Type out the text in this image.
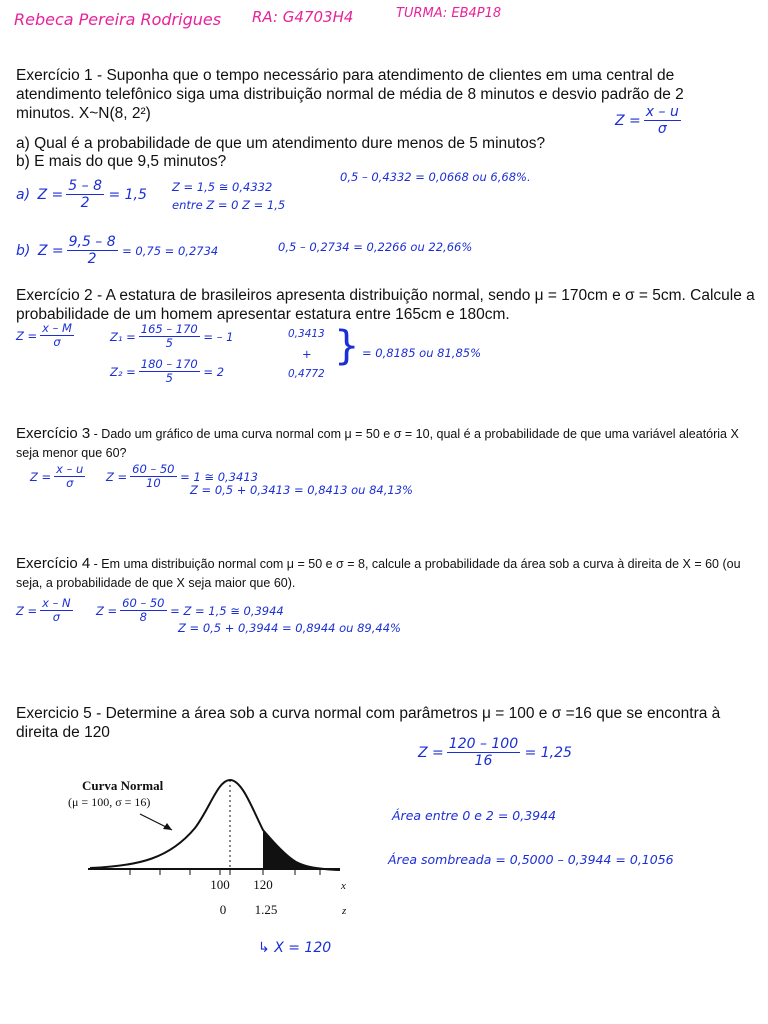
Rebeca Pereira Rodrigues RA: G4703H4	TURMA: EB4P18
Exercício 1 - Suponha que o tempo necessário para atendimento de clientes em uma central de atendimento telefônico siga uma distribuição normal de média de 8 minutos e desvio padrão de 2 minutos. X~N(8, 2²)	$Z = \frac{x - u}{\sigma}$
a) Qual é a probabilidade de que um atendimento dure menos de 5 minutos?
b) E mais do que 9,5 minutos?
a) $Z = \frac{5 - 8}{2} = 1,5$ Z = 1,5 ≅ 0,4332
entre Z = 0 Z = 1,5
0,5 – 0,4332 = 0,0668 ou 6,68%.
b) $Z = \frac{9,5 - 8}{2} = 0,75 = 0,2734$	0,5 – 0,2734 = 0,2266 ou 22,66%
Exercício 2 - A estatura de brasileiros apresenta distribuição normal, sendo μ = 170cm e σ = 5cm. Calcule a probabilidade de um homem apresentar estatura entre 165cm e 180cm.
$Z = \frac{x - M}{\sigma}$	$Z_1 = \frac{165 - 170}{5}$ = – 1
$Z_2 = \frac{180 - 170}{5} = 2$
0,3413
+
0,4772
} = 0,8185 ou 81,85%
Exercício 3 - Dado um gráfico de uma curva normal com μ = 50 e σ = 10, qual é a probabilidade de que uma variável aleatória X seja menor que 60?
$Z = \frac{x - u}{\sigma}$ $Z = \frac{60 - 50}{10} = 1$ ≅ 0,3413
Z = 0,5 + 0,3413 = 0,8413 ou 84,13%
Exercício 4 - Em uma distribuição normal com μ = 50 e σ = 8, calcule a probabilidade da área sob a curva à direita de X = 60 (ou seja, a probabilidade de que X seja maior que 60).
$Z = \frac{x - N}{\sigma}$ $Z = \frac{60 - 50}{8} = Z = 1,5$ ≅ 0,3944
Z = 0,5 + 0,3944 = 0,8944 ou 89,44%
Exercicio 5 - Determine a área sob a curva normal com parâmetros μ = 100 e σ =16 que se encontra à direita de 120
$Z = \frac{120 - 100}{16} = 1,25$
Área entre 0 e 2 = 0,3944
Área sombreada = 0,5000 – 0,3944 = 0,1056
↳ X = 120
Curva Normal
(μ = 100, σ = 16)
100 120	x
0 1.25	z
